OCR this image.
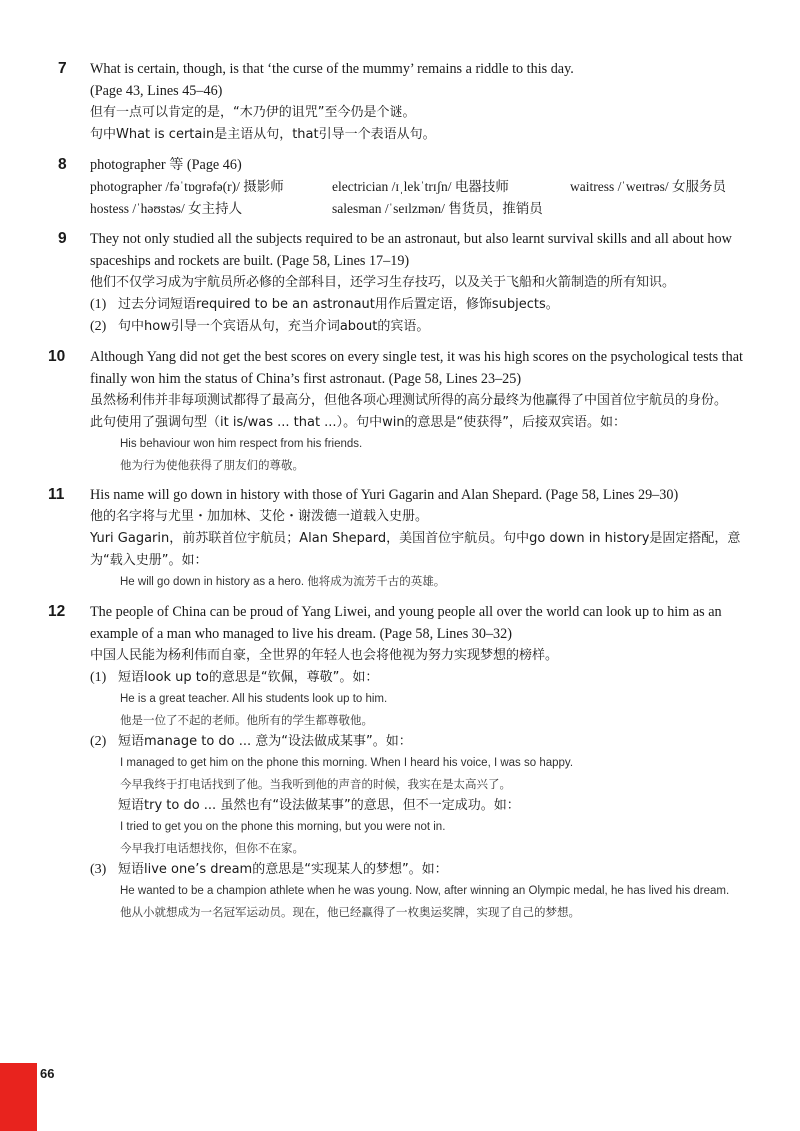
7	What is certain, though, is that ‘the curse of the mummy’ remains a riddle to this day.
(Page 43, Lines 45–46)
但有一点可以肯定的是，“木乃伊的诅咒”至今仍是个谜。
句中What is certain是主语从句，that引导一个表语从句。
8	photographer 等 (Page 46)
photographer /fəˈtɒɡrəfə(r)/ 摄影师	electrician /ɪˌlekˈtrɪʃn/ 电器技师	waitress /ˈweɪtrəs/ 女服务员
hostess /ˈhəʊstəs/ 女主持人	salesman /ˈseɪlzmən/ 售货员，推销员
9	They not only studied all the subjects required to be an astronaut, but also learnt survival skills and all about how spaceships and rockets are built. (Page 58, Lines 17–19)
他们不仅学习成为宇航员所必修的全部科目，还学习生存技巧，以及关于飞船和火箭制造的所有知识。
(1) 过去分词短语required to be an astronaut用作后置定语，修饰subjects。
(2) 句中how引导一个宾语从句，充当介词about的宾语。
10	Although Yang did not get the best scores on every single test, it was his high scores on the psychological tests that finally won him the status of China’s first astronaut. (Page 58, Lines 23–25)
虽然杨利伟并非每项测试都得了最高分，但他各项心理测试所得的高分最终为他赢得了中国首位宇航员的身份。
此句使用了强调句型（it is/was ... that ...）。句中win的意思是“使获得”，后接双宾语。如：
His behaviour won him respect from his friends.
他为行为使他获得了朋友们的尊敬。
11	His name will go down in history with those of Yuri Gagarin and Alan Shepard. (Page 58, Lines 29–30)
他的名字将与尤里・加加林、艾伦・谢泼德一道载入史册。
Yuri Gagarin，前苏联首位宇航员；Alan Shepard，美国首位宇航员。句中go down in history是固定搭配，意为“载入史册”。如：
He will go down in history as a hero. 他将成为流芳千古的英雄。
12	The people of China can be proud of Yang Liwei, and young people all over the world can look up to him as an example of a man who managed to live his dream. (Page 58, Lines 30–32)
中国人民能为杨利伟而自豪，全世界的年轻人也会将他视为努力实现梦想的榜样。
(1) 短语look up to的意思是“钦佩，尊敬”。如：
He is a great teacher. All his students look up to him.
他是一位了不起的老师。他所有的学生都尊敬他。
(2) 短语manage to do ... 意为“设法做成某事”。如：
I managed to get him on the phone this morning. When I heard his voice, I was so happy.
今早我终于打电话找到了他。当我听到他的声音的时候，我实在是太高兴了。
短语try to do ... 虽然也有“设法做某事”的意思，但不一定成功。如：
I tried to get you on the phone this morning, but you were not in.
今早我打电话想找你，但你不在家。
(3) 短语live one’s dream的意思是“实现某人的梦想”。如：
He wanted to be a champion athlete when he was young. Now, after winning an Olympic medal, he has lived his dream.
他从小就想成为一名冠军运动员。现在，他已经赢得了一枚奥运奖牌，实现了自己的梦想。
66
